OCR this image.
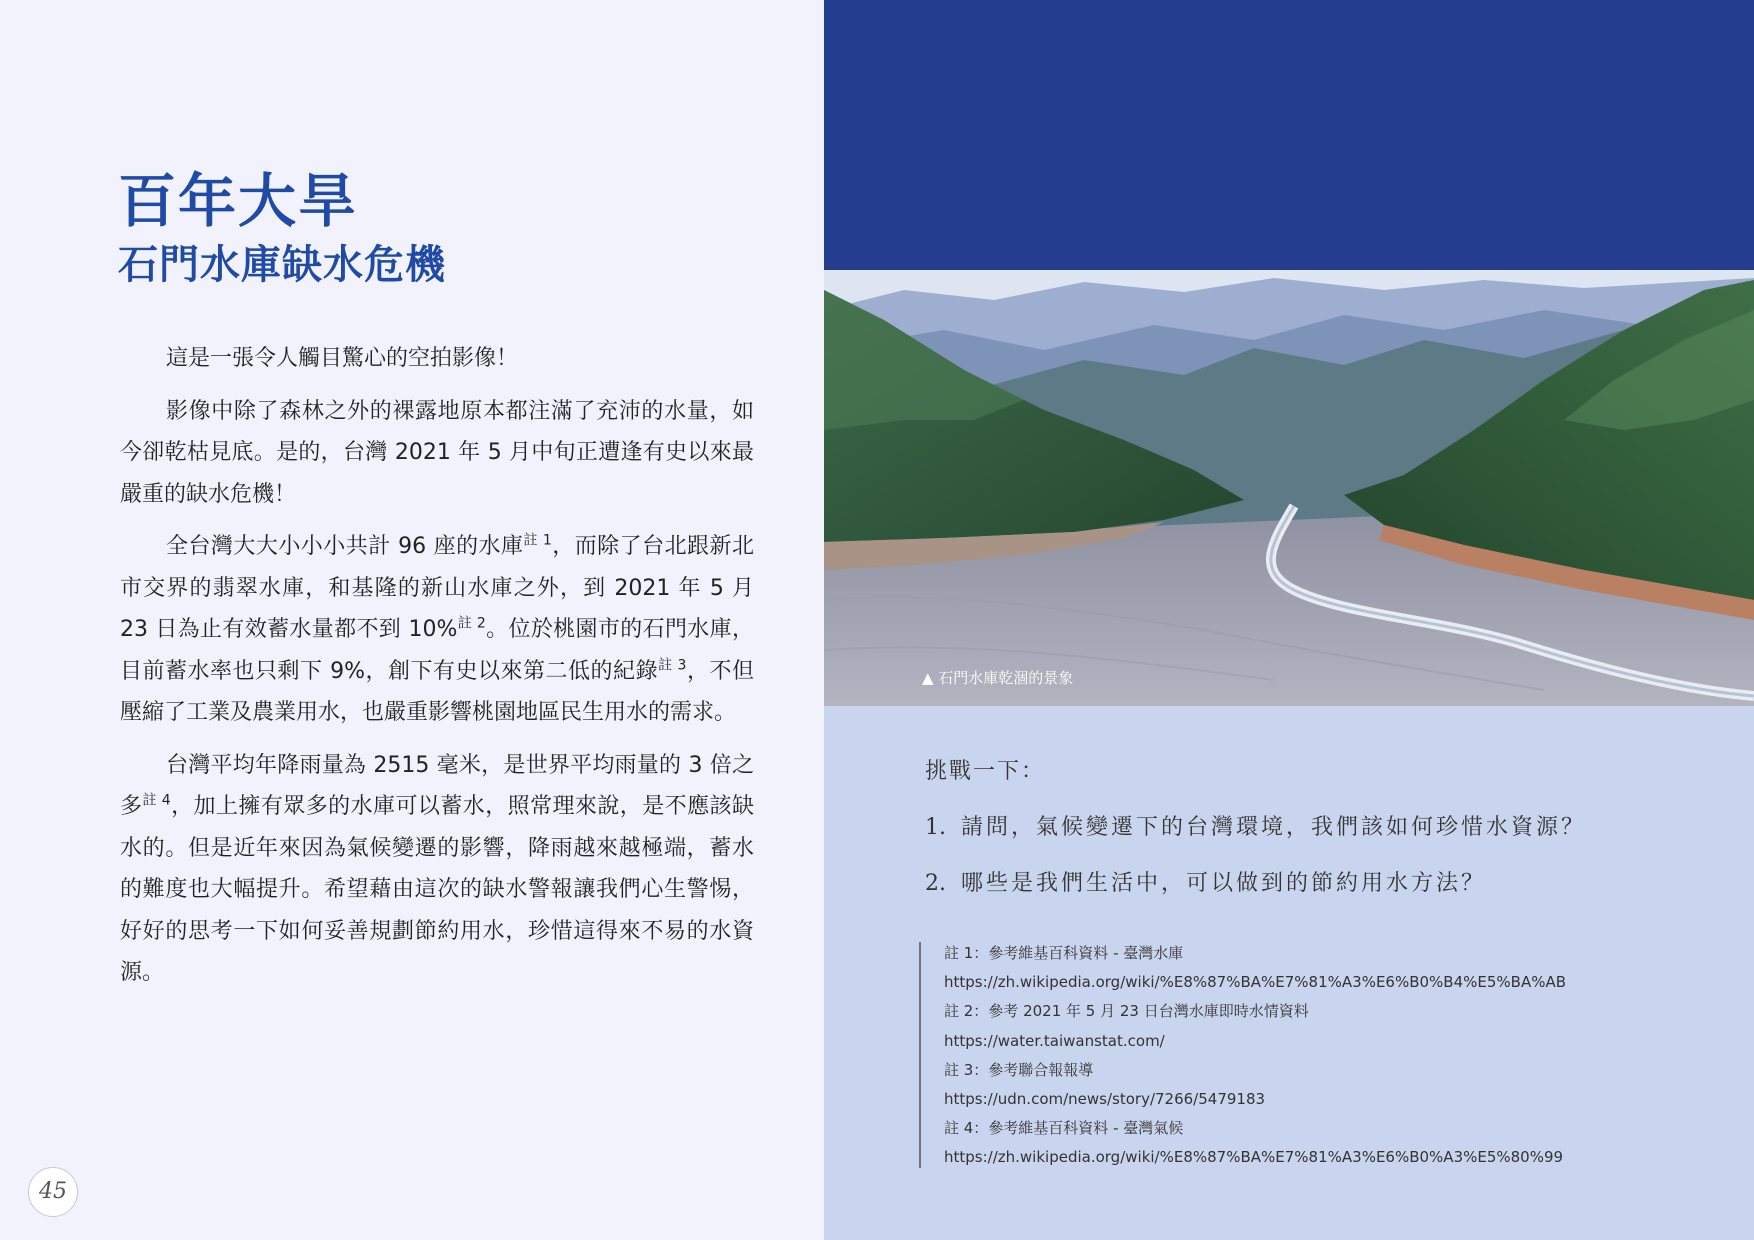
百年大旱
石門水庫缺水危機

這是一張令人觸目驚心的空拍影像！

影像中除了森林之外的裸露地原本都注滿了充沛的水量，如今卻乾枯見底。是的，台灣 2021 年 5 月中旬正遭逢有史以來最嚴重的缺水危機！

全台灣大大小小小共計 96 座的水庫$^{註 1}$，而除了台北跟新北市交界的翡翠水庫，和基隆的新山水庫之外，到 2021 年 5 月 23 日為止有效蓄水量都不到 10%$^{註 2}$。位於桃園市的石門水庫，目前蓄水率也只剩下 9%，創下有史以來第二低的紀錄$^{註 3}$，不但壓縮了工業及農業用水，也嚴重影響桃園地區民生用水的需求。

台灣平均年降雨量為 2515 毫米，是世界平均雨量的 3 倍之多$^{註 4}$，加上擁有眾多的水庫可以蓄水，照常理來說，是不應該缺水的。但是近年來因為氣候變遷的影響，降雨越來越極端，蓄水的難度也大幅提升。希望藉由這次的缺水警報讓我們心生警惕，好好的思考一下如何妥善規劃節約用水，珍惜這得來不易的水資源。

45
▲ 石門水庫乾涸的景象
挑戰一下：
1. 請問，氣候變遷下的台灣環境，我們該如何珍惜水資源？
2. 哪些是我們生活中，可以做到的節約用水方法？
註 1：參考維基百科資料 - 臺灣水庫
https://zh.wikipedia.org/wiki/%E8%87%BA%E7%81%A3%E6%B0%B4%E5%BA%AB
註 2：參考 2021 年 5 月 23 日台灣水庫即時水情資料
https://water.taiwanstat.com/
註 3：參考聯合報報導
https://udn.com/news/story/7266/5479183
註 4：參考維基百科資料 - 臺灣氣候
https://zh.wikipedia.org/wiki/%E8%87%BA%E7%81%A3%E6%B0%A3%E5%80%99
